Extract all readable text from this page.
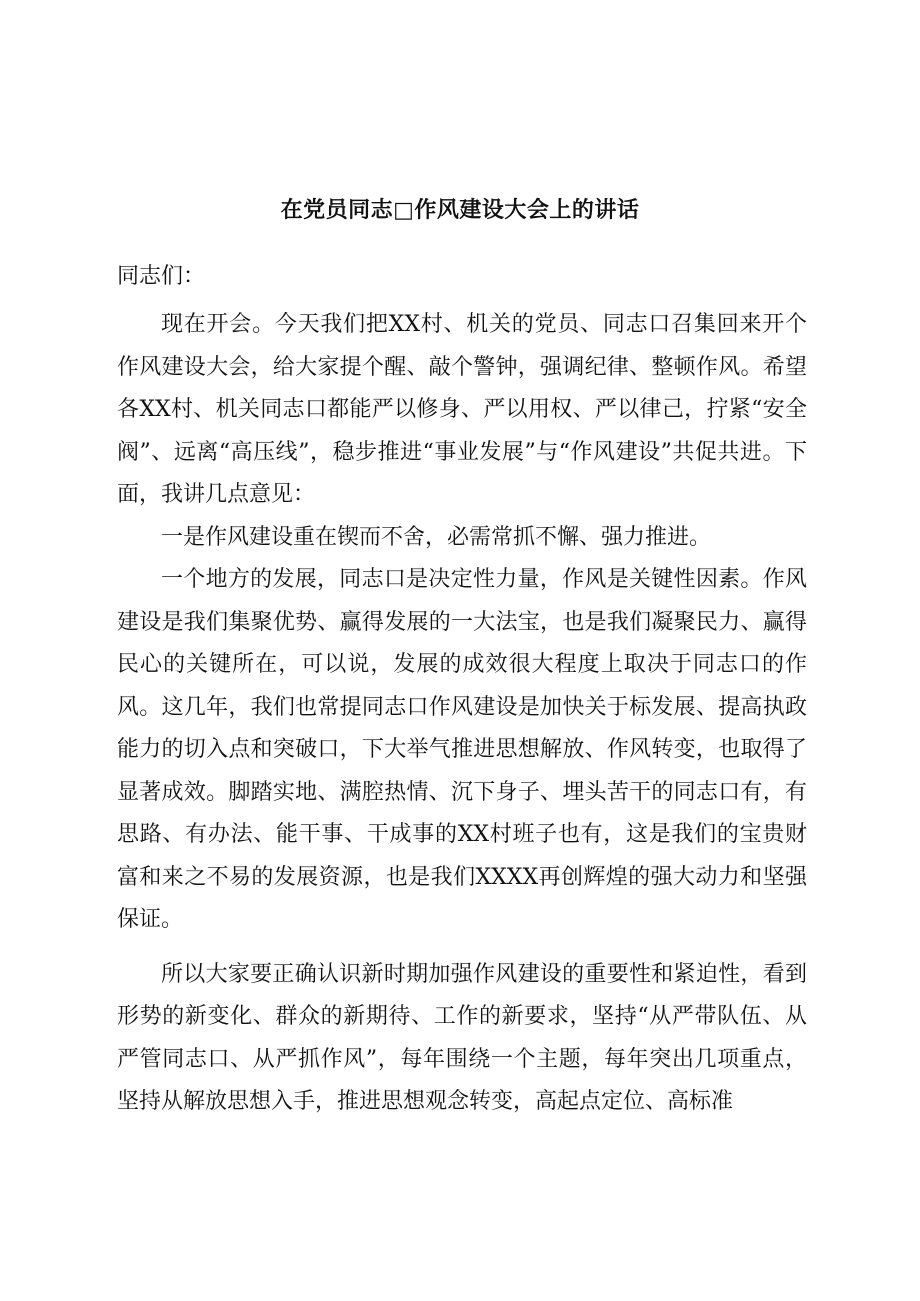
在党员同志□作风建设大会上的讲话
同志们：

现在开会。今天我们把XX村、机关的党员、同志口召集回来开个作风建设大会，给大家提个醒、敲个警钟，强调纪律、整顿作风。希望各XX村、机关同志口都能严以修身、严以用权、严以律己，拧紧“安全阀”、远离“高压线”，稳步推进“事业发展”与“作风建设”共促共进。下面，我讲几点意见：

一是作风建设重在锲而不舍，必需常抓不懈、强力推进。

一个地方的发展，同志口是决定性力量，作风是关键性因素。作风建设是我们集聚优势、赢得发展的一大法宝，也是我们凝聚民力、赢得民心的关键所在，可以说，发展的成效很大程度上取决于同志口的作风。这几年，我们也常提同志口作风建设是加快关于标发展、提高执政能力的切入点和突破口，下大举气推进思想解放、作风转变，也取得了显著成效。脚踏实地、满腔热情、沉下身子、埋头苦干的同志口有，有思路、有办法、能干事、干成事的XX村班子也有，这是我们的宝贵财富和来之不易的发展资源，也是我们XXXX再创辉煌的强大动力和坚强保证。

所以大家要正确认识新时期加强作风建设的重要性和紧迫性，看到形势的新变化、群众的新期待、工作的新要求，坚持“从严带队伍、从严管同志口、从严抓作风”，每年围绕一个主题，每年突出几项重点，坚持从解放思想入手，推进思想观念转变，高起点定位、高标准
